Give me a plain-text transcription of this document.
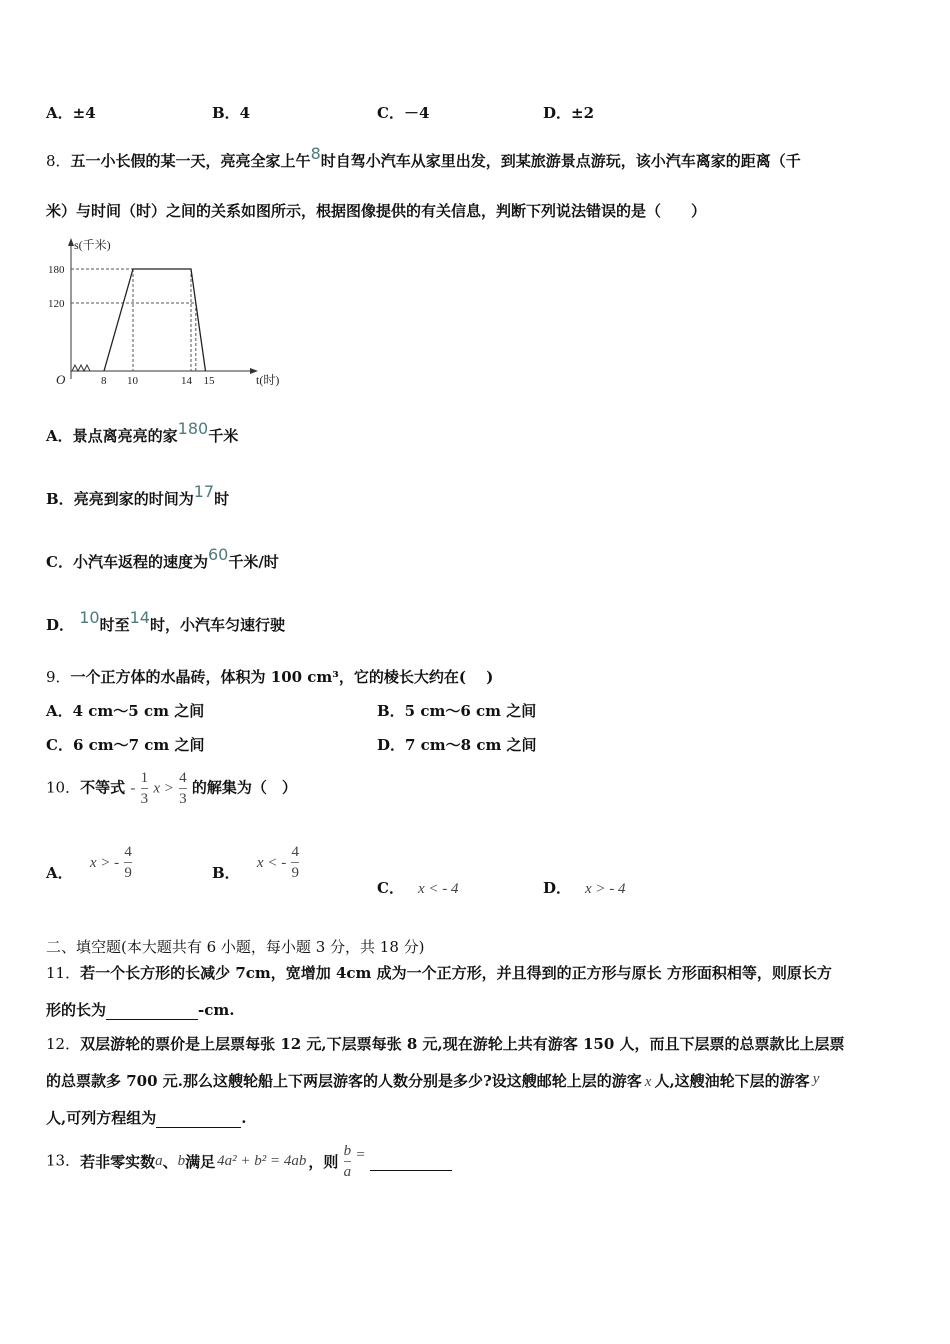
A．±4	B．4	C．－4	D．±2
8．五一小长假的某一天，亮亮全家上午8时自驾小汽车从家里出发，到某旅游景点游玩，该小汽车离家的距离（千
米）与时间（时）之间的关系如图所示，根据图像提供的有关信息，判断下列说法错误的是（　　）
s(千米)
t(时)
O
180
120
8 10	14 15
A．景点离亮亮的家180千米
B．亮亮到家的时间为17时
C．小汽车返程的速度为60千米/时
D． 10时至14时，小汽车匀速行驶
9．一个正方体的水晶砖，体积为 100 cm³，它的棱长大约在(　 )
A．4 cm～5 cm 之间	B．5 cm～6 cm 之间
C．6 cm～7 cm 之间	D．7 cm～8 cm 之间
10．不等式 - $\frac{1}{3}$ $x > \frac{4}{3}$ 的解集为（　）
A． x > - $\frac{4}{9}$	B． x < - $\frac{4}{9}$
C． x < - 4	D． x > - 4
二、填空题(本大题共有 6 小题，每小题 3 分，共 18 分)
11．若一个长方形的长减少 7cm，宽增加 4cm 成为一个正方形，并且得到的正方形与原长 方形面积相等，则原长方
形的长为	-cm.
12．双层游轮的票价是上层票每张 12 元,下层票每张 8 元,现在游轮上共有游客 150 人，而且下层票的总票款比上层票
的总票款多 700 元.那么这艘轮船上下两层游客的人数分别是多少?设这艘邮轮上层的游客 x 人,这艘油轮下层的游客 y
人,可列方程组为	.
13．若非零实数a、b满足 4a² + b² = 4ab ，则 $\frac{b}{a}$ =
